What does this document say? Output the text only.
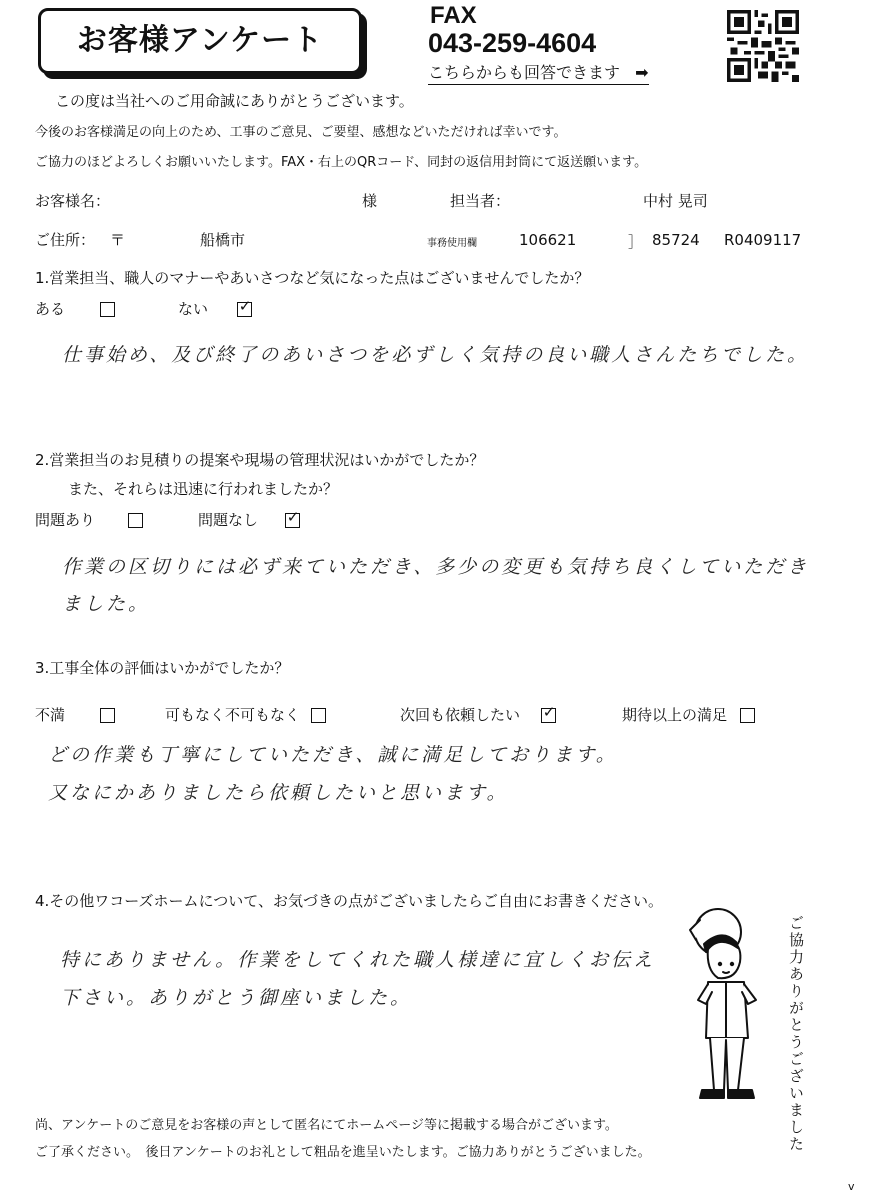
お客様アンケート
FAX
043-259-4604
こちらからも回答できます ➡
この度は当社へのご用命誠にありがとうございます。
今後のお客様満足の向上のため、工事のご意見、ご要望、感想などいただければ幸いです。
ご協力のほどよろしくお願いいたします。FAX・右上のQRコード、同封の返信用封筒にて返送願います。
お客様名：	様	担当者：	中村 晃司
ご住所： 〒	船橋市	事務使用欄	106621	］ 85724 R0409117
1.営業担当、職人のマナーやあいさつなど気になった点はございませんでしたか？
ある	ない ✓
仕事始め、及び終了のあいさつを必ずしく気持の良い職人さんたちでした。
2.営業担当のお見積りの提案や現場の管理状況はいかがでしたか？
また、それらは迅速に行われましたか？
問題あり	問題なし ✓
作業の区切りには必ず来ていただき、多少の変更も気持ち良くしていただき
ました。
3.工事全体の評価はいかがでしたか？
不満	可もなく不可もなく	次回も依頼したい ✓	期待以上の満足
どの作業も丁寧にしていただき、誠に満足しております。
又なにかありましたら依頼したいと思います。
4.その他ワコーズホームについて、お気づきの点がございましたらご自由にお書きください。
特にありません。作業をしてくれた職人様達に宜しくお伝え
下さい。ありがとう御座いました。	ご協力ありがとうございました
尚、アンケートのご意見をお客様の声として匿名にてホームページ等に掲載する場合がございます。
ご了承ください。　後日アンケートのお礼として粗品を進呈いたします。ご協力ありがとうございました。
v
